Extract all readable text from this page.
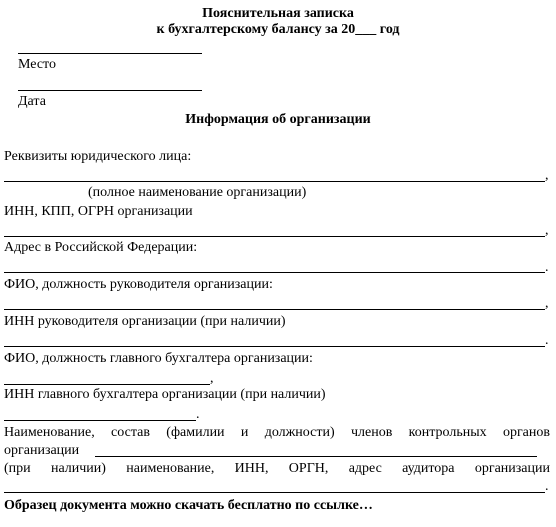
Пояснительная записка
к бухгалтерскому балансу за 20___ год
Место
Дата
Информация об организации
Реквизиты юридического лица:
,
(полное наименование организации)
ИНН, КПП, ОГРН организации
,
Адрес в Российской Федерации:
.
ФИО, должность руководителя организации:
,
ИНН руководителя организации (при наличии)
.
ФИО, должность главного бухгалтера организации:
,
ИНН главного бухгалтера организации (при наличии)
.
Наименование, состав (фамилии и должности) членов контрольных органов
организации
(при наличии) наименование, ИНН, ОРГН, адрес аудитора организации
.
Образец документа можно скачать бесплатно по ссылке…
